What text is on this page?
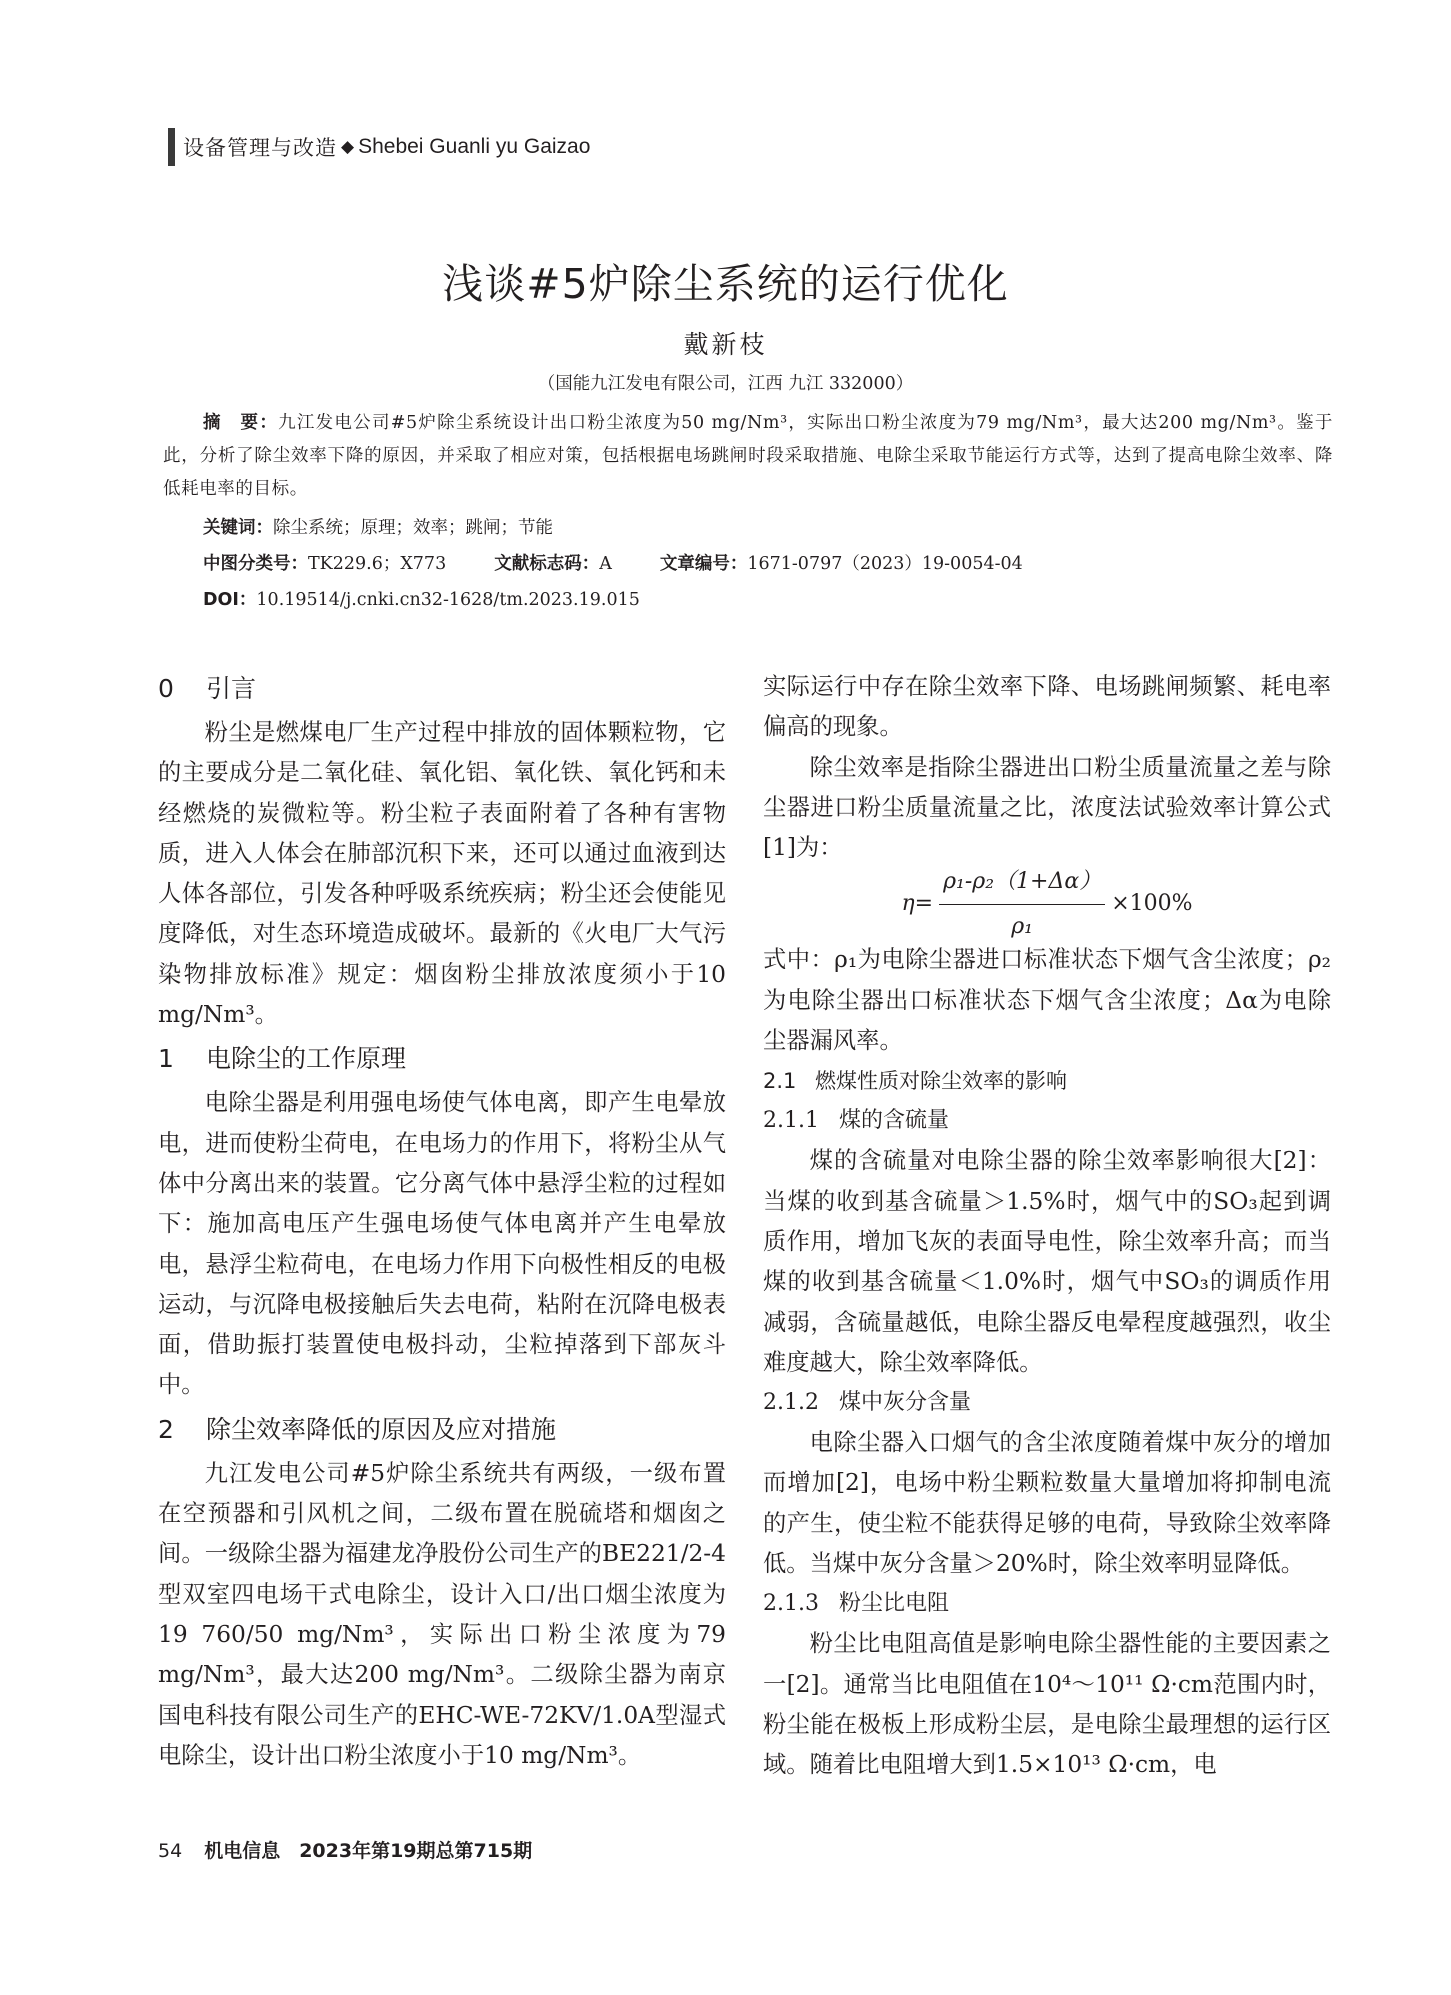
设备管理与改造 ◆ Shebei Guanli yu Gaizao
浅谈#5炉除尘系统的运行优化
戴新枝
（国能九江发电有限公司，江西 九江 332000）
摘　要：九江发电公司#5炉除尘系统设计出口粉尘浓度为50 mg/Nm³，实际出口粉尘浓度为79 mg/Nm³，最大达200 mg/Nm³。鉴于此，分析了除尘效率下降的原因，并采取了相应对策，包括根据电场跳闸时段采取措施、电除尘采取节能运行方式等，达到了提高电除尘效率、降低耗电率的目标。
关键词：除尘系统；原理；效率；跳闸；节能
中图分类号：TK229.6；X773	文献标志码：A	文章编号：1671-0797（2023）19-0054-04
DOI：10.19514/j.cnki.cn32-1628/tm.2023.19.015
0 引言

粉尘是燃煤电厂生产过程中排放的固体颗粒物，它的主要成分是二氧化硅、氧化铝、氧化铁、氧化钙和未经燃烧的炭微粒等。粉尘粒子表面附着了各种有害物质，进入人体会在肺部沉积下来，还可以通过血液到达人体各部位，引发各种呼吸系统疾病；粉尘还会使能见度降低，对生态环境造成破坏。最新的《火电厂大气污染物排放标准》规定：烟囱粉尘排放浓度须小于10 mg/Nm³。

1 电除尘的工作原理

电除尘器是利用强电场使气体电离，即产生电晕放电，进而使粉尘荷电，在电场力的作用下，将粉尘从气体中分离出来的装置。它分离气体中悬浮尘粒的过程如下：施加高电压产生强电场使气体电离并产生电晕放电，悬浮尘粒荷电，在电场力作用下向极性相反的电极运动，与沉降电极接触后失去电荷，粘附在沉降电极表面，借助振打装置使电极抖动，尘粒掉落到下部灰斗中。

2 除尘效率降低的原因及应对措施

九江发电公司#5炉除尘系统共有两级，一级布置在空预器和引风机之间，二级布置在脱硫塔和烟囱之间。一级除尘器为福建龙净股份公司生产的BE221/2-4型双室四电场干式电除尘，设计入口/出口烟尘浓度为19 760/50 mg/Nm³，实际出口粉尘浓度为79 mg/Nm³，最大达200 mg/Nm³。二级除尘器为南京国电科技有限公司生产的EHC-WE-72KV/1.0A型湿式电除尘，设计出口粉尘浓度小于10 mg/Nm³。

实际运行中存在除尘效率下降、电场跳闸频繁、耗电率偏高的现象。

除尘效率是指除尘器进出口粉尘质量流量之差与除尘器进口粉尘质量流量之比，浓度法试验效率计算公式[1]为：

$\eta= \frac{\text{ρ₁-ρ₂（1+Δα）}}{\text{ρ₁}} \times 100\%$

式中：ρ₁为电除尘器进口标准状态下烟气含尘浓度；ρ₂为电除尘器出口标准状态下烟气含尘浓度；Δα为电除尘器漏风率。

2.1 燃煤性质对除尘效率的影响
2.1.1 煤的含硫量

煤的含硫量对电除尘器的除尘效率影响很大[2]：当煤的收到基含硫量＞1.5%时，烟气中的SO₃起到调质作用，增加飞灰的表面导电性，除尘效率升高；而当煤的收到基含硫量＜1.0%时，烟气中SO₃的调质作用减弱，含硫量越低，电除尘器反电晕程度越强烈，收尘难度越大，除尘效率降低。

2.1.2 煤中灰分含量

电除尘器入口烟气的含尘浓度随着煤中灰分的增加而增加[2]，电场中粉尘颗粒数量大量增加将抑制电流的产生，使尘粒不能获得足够的电荷，导致除尘效率降低。当煤中灰分含量＞20%时，除尘效率明显降低。

2.1.3 粉尘比电阻

粉尘比电阻高值是影响电除尘器性能的主要因素之一[2]。通常当比电阻值在10⁴～10¹¹ Ω·cm范围内时，粉尘能在极板上形成粉尘层，是电除尘最理想的运行区域。随着比电阻增大到1.5×10¹³ Ω·cm，电

54 机电信息　2023年第19期总第715期
